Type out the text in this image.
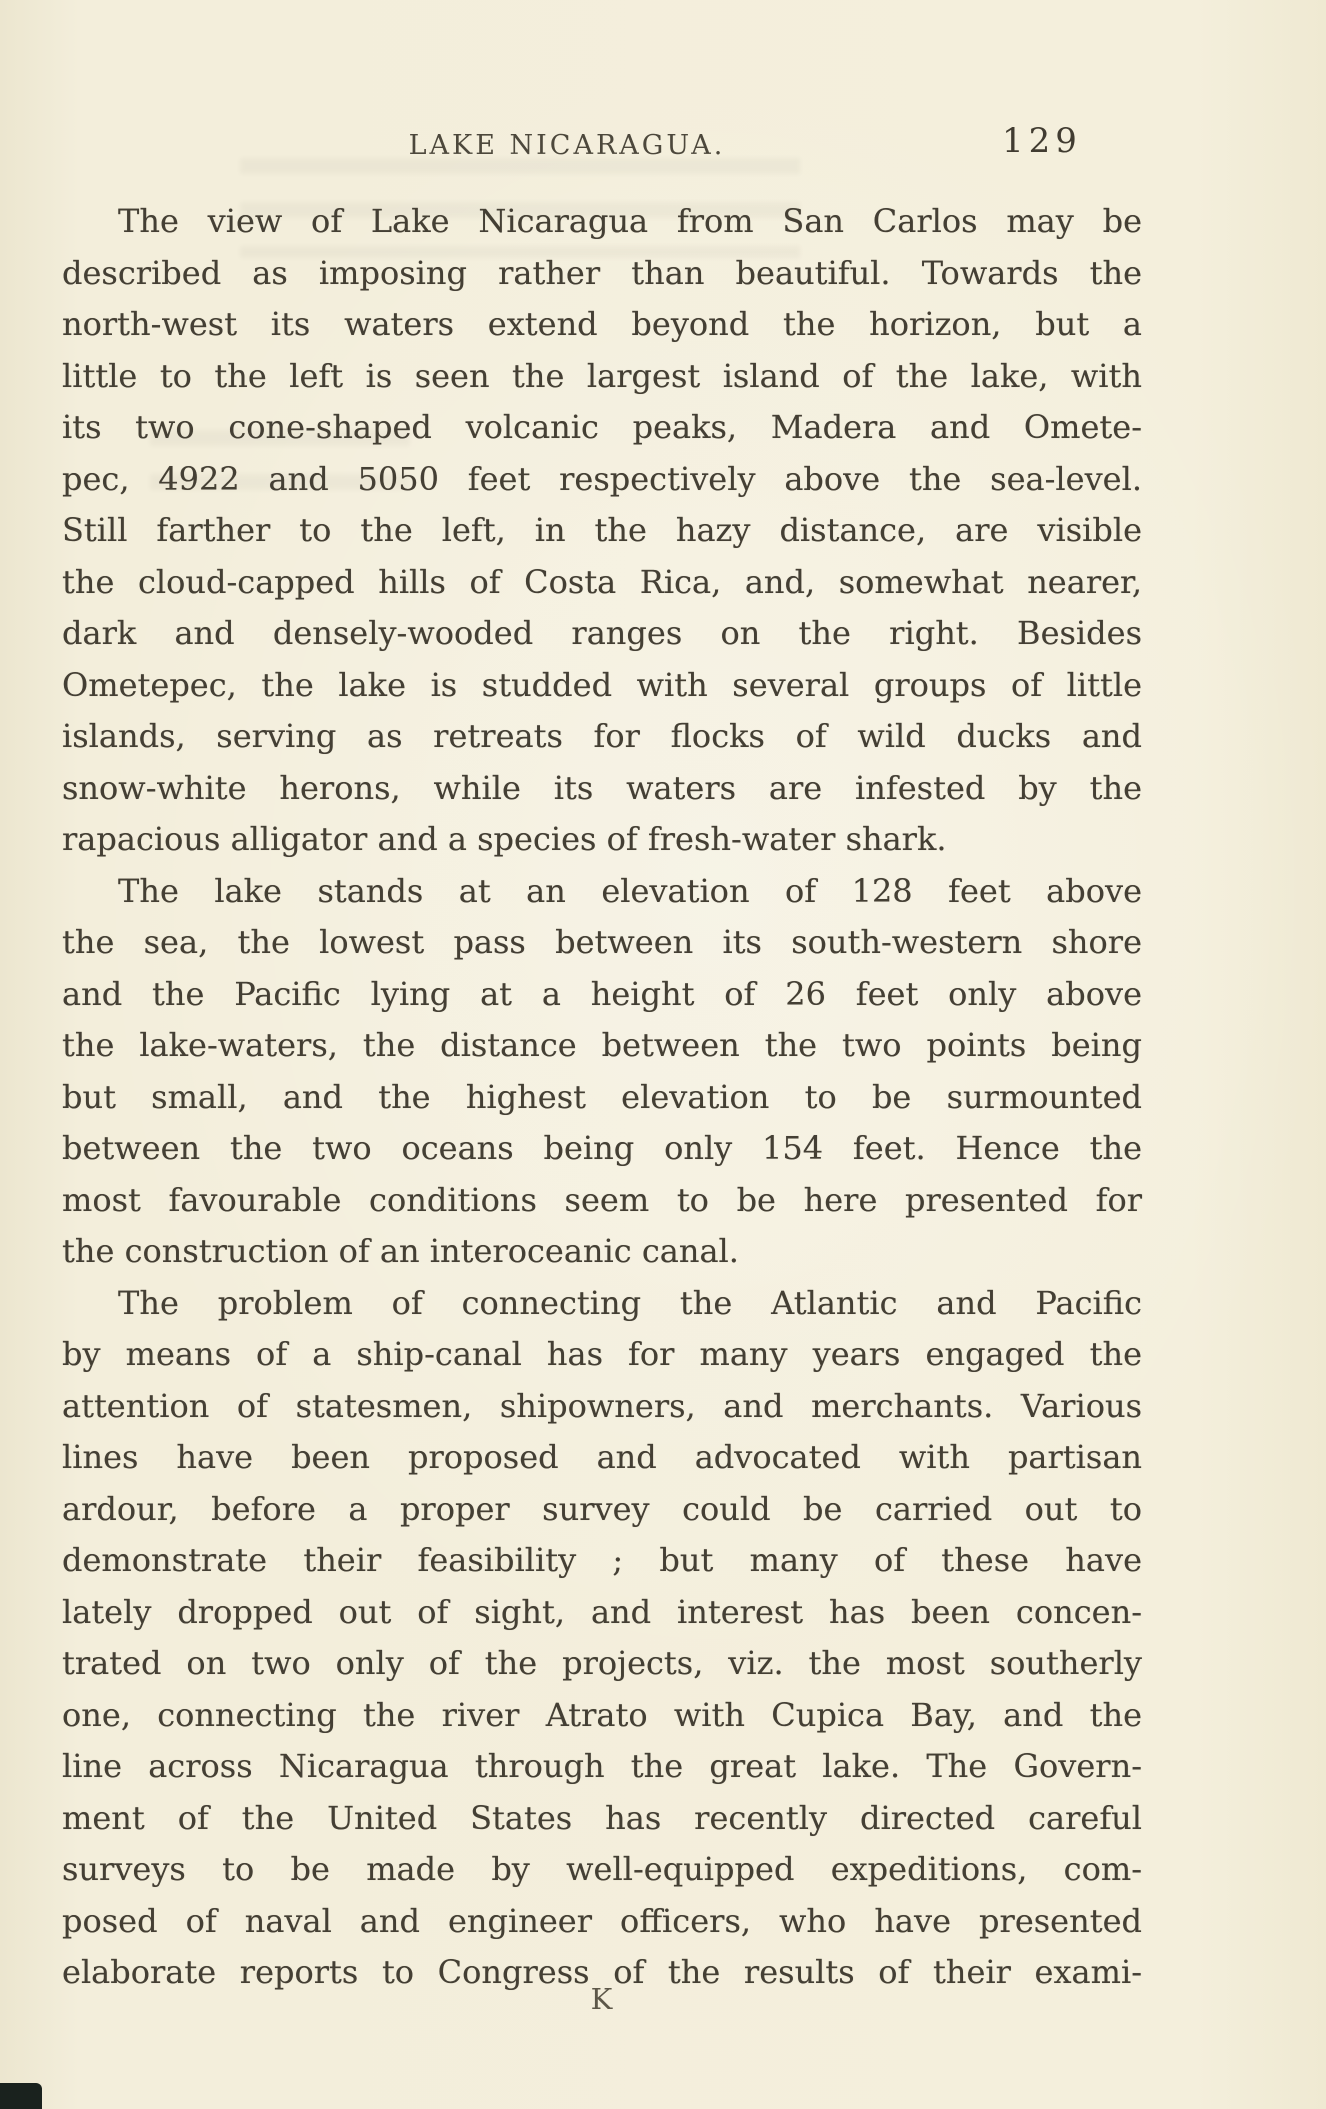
LAKE NICARAGUA.	129
The view of Lake Nicaragua from San Carlos may be
described as imposing rather than beautiful. Towards the
north-west its waters extend beyond the horizon, but a
little to the left is seen the largest island of the lake, with
its two cone-shaped volcanic peaks, Madera and Omete-
pec, 4922 and 5050 feet respectively above the sea-level.
Still farther to the left, in the hazy distance, are visible
the cloud-capped hills of Costa Rica, and, somewhat nearer,
dark and densely-wooded ranges on the right. Besides
Ometepec, the lake is studded with several groups of little
islands, serving as retreats for flocks of wild ducks and
snow-white herons, while its waters are infested by the
rapacious alligator and a species of fresh-water shark.
The lake stands at an elevation of 128 feet above
the sea, the lowest pass between its south-western shore
and the Pacific lying at a height of 26 feet only above
the lake-waters, the distance between the two points being
but small, and the highest elevation to be surmounted
between the two oceans being only 154 feet. Hence the
most favourable conditions seem to be here presented for
the construction of an interoceanic canal.
The problem of connecting the Atlantic and Pacific
by means of a ship-canal has for many years engaged the
attention of statesmen, shipowners, and merchants. Various
lines have been proposed and advocated with partisan
ardour, before a proper survey could be carried out to
demonstrate their feasibility ; but many of these have
lately dropped out of sight, and interest has been concen-
trated on two only of the projects, viz. the most southerly
one, connecting the river Atrato with Cupica Bay, and the
line across Nicaragua through the great lake. The Govern-
ment of the United States has recently directed careful
surveys to be made by well-equipped expeditions, com-
posed of naval and engineer officers, who have presented
elaborate reports to Congress of the results of their exami-
K
